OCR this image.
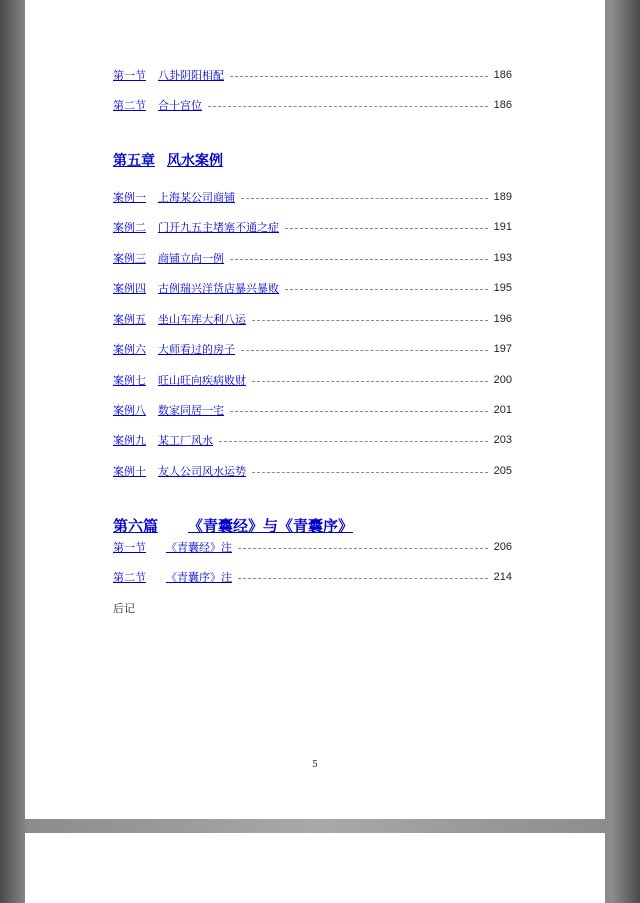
第一节 八卦阴阳相配	186
第二节 合十宫位	186
第五章 风水案例
案例一 上海某公司商铺	189
案例二 门开九五主堵塞不通之症	191
案例三 商铺立向一例	193
案例四 古例瑞兴洋货店暴兴暴败	195
案例五 坐山车库大利八运	196
案例六 大师看过的房子	197
案例七 旺山旺向疾病败财	200
案例八 数家同居一宅	201
案例九 某工厂风水	203
案例十 友人公司风水运势	205
第六篇 《青囊经》与《青囊序》
第一节 《青囊经》注	206
第二节 《青囊序》注	214
后记
5
